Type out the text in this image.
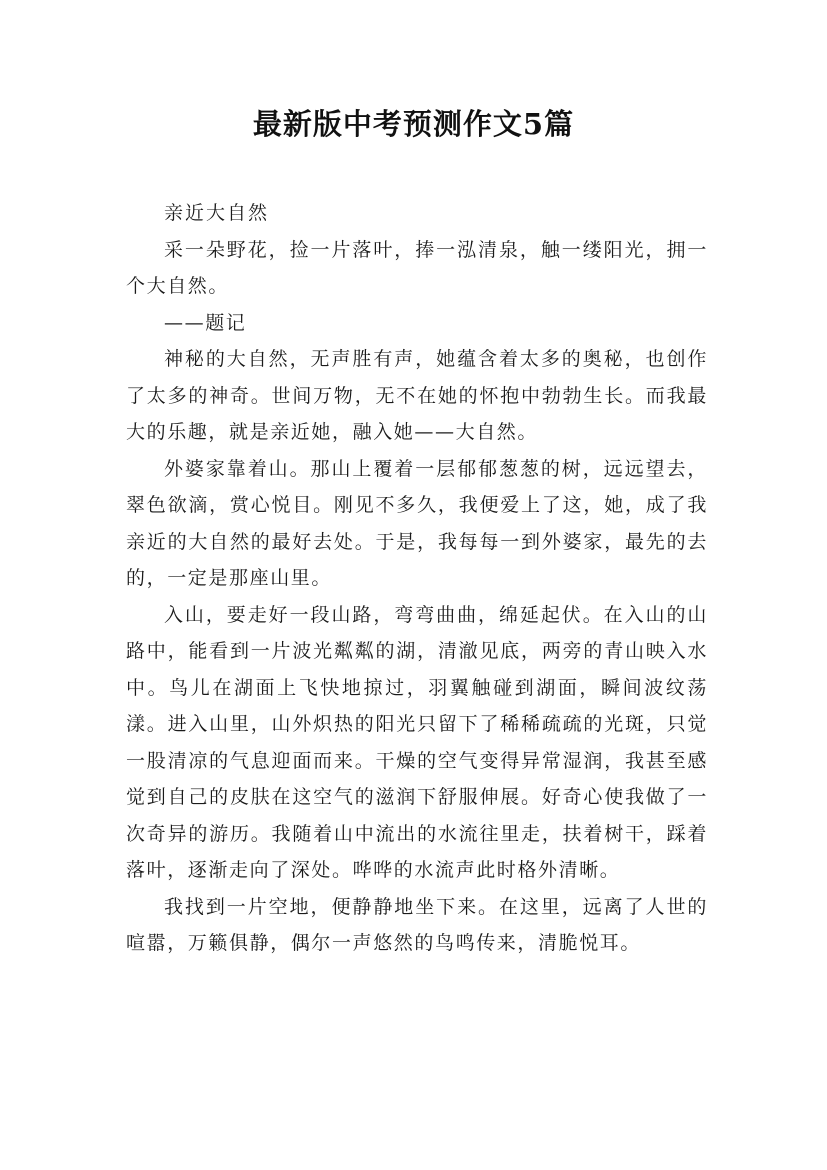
最新版中考预测作文5篇

亲近大自然

采一朵野花，捡一片落叶，捧一泓清泉，触一缕阳光，拥一个大自然。

——题记

神秘的大自然，无声胜有声，她蕴含着太多的奥秘，也创作了太多的神奇。世间万物，无不在她的怀抱中勃勃生长。而我最大的乐趣，就是亲近她，融入她——大自然。

外婆家靠着山。那山上覆着一层郁郁葱葱的树，远远望去，翠色欲滴，赏心悦目。刚见不多久，我便爱上了这，她，成了我亲近的大自然的最好去处。于是，我每每一到外婆家，最先的去的，一定是那座山里。

入山，要走好一段山路，弯弯曲曲，绵延起伏。在入山的山路中，能看到一片波光粼粼的湖，清澈见底，两旁的青山映入水中。鸟儿在湖面上飞快地掠过，羽翼触碰到湖面，瞬间波纹荡漾。进入山里，山外炽热的阳光只留下了稀稀疏疏的光斑，只觉一股清凉的气息迎面而来。干燥的空气变得异常湿润，我甚至感觉到自己的皮肤在这空气的滋润下舒服伸展。好奇心使我做了一次奇异的游历。我随着山中流出的水流往里走，扶着树干，踩着落叶，逐渐走向了深处。哗哗的水流声此时格外清晰。

我找到一片空地，便静静地坐下来。在这里，远离了人世的喧嚣，万籁俱静，偶尔一声悠然的鸟鸣传来，清脆悦耳。
